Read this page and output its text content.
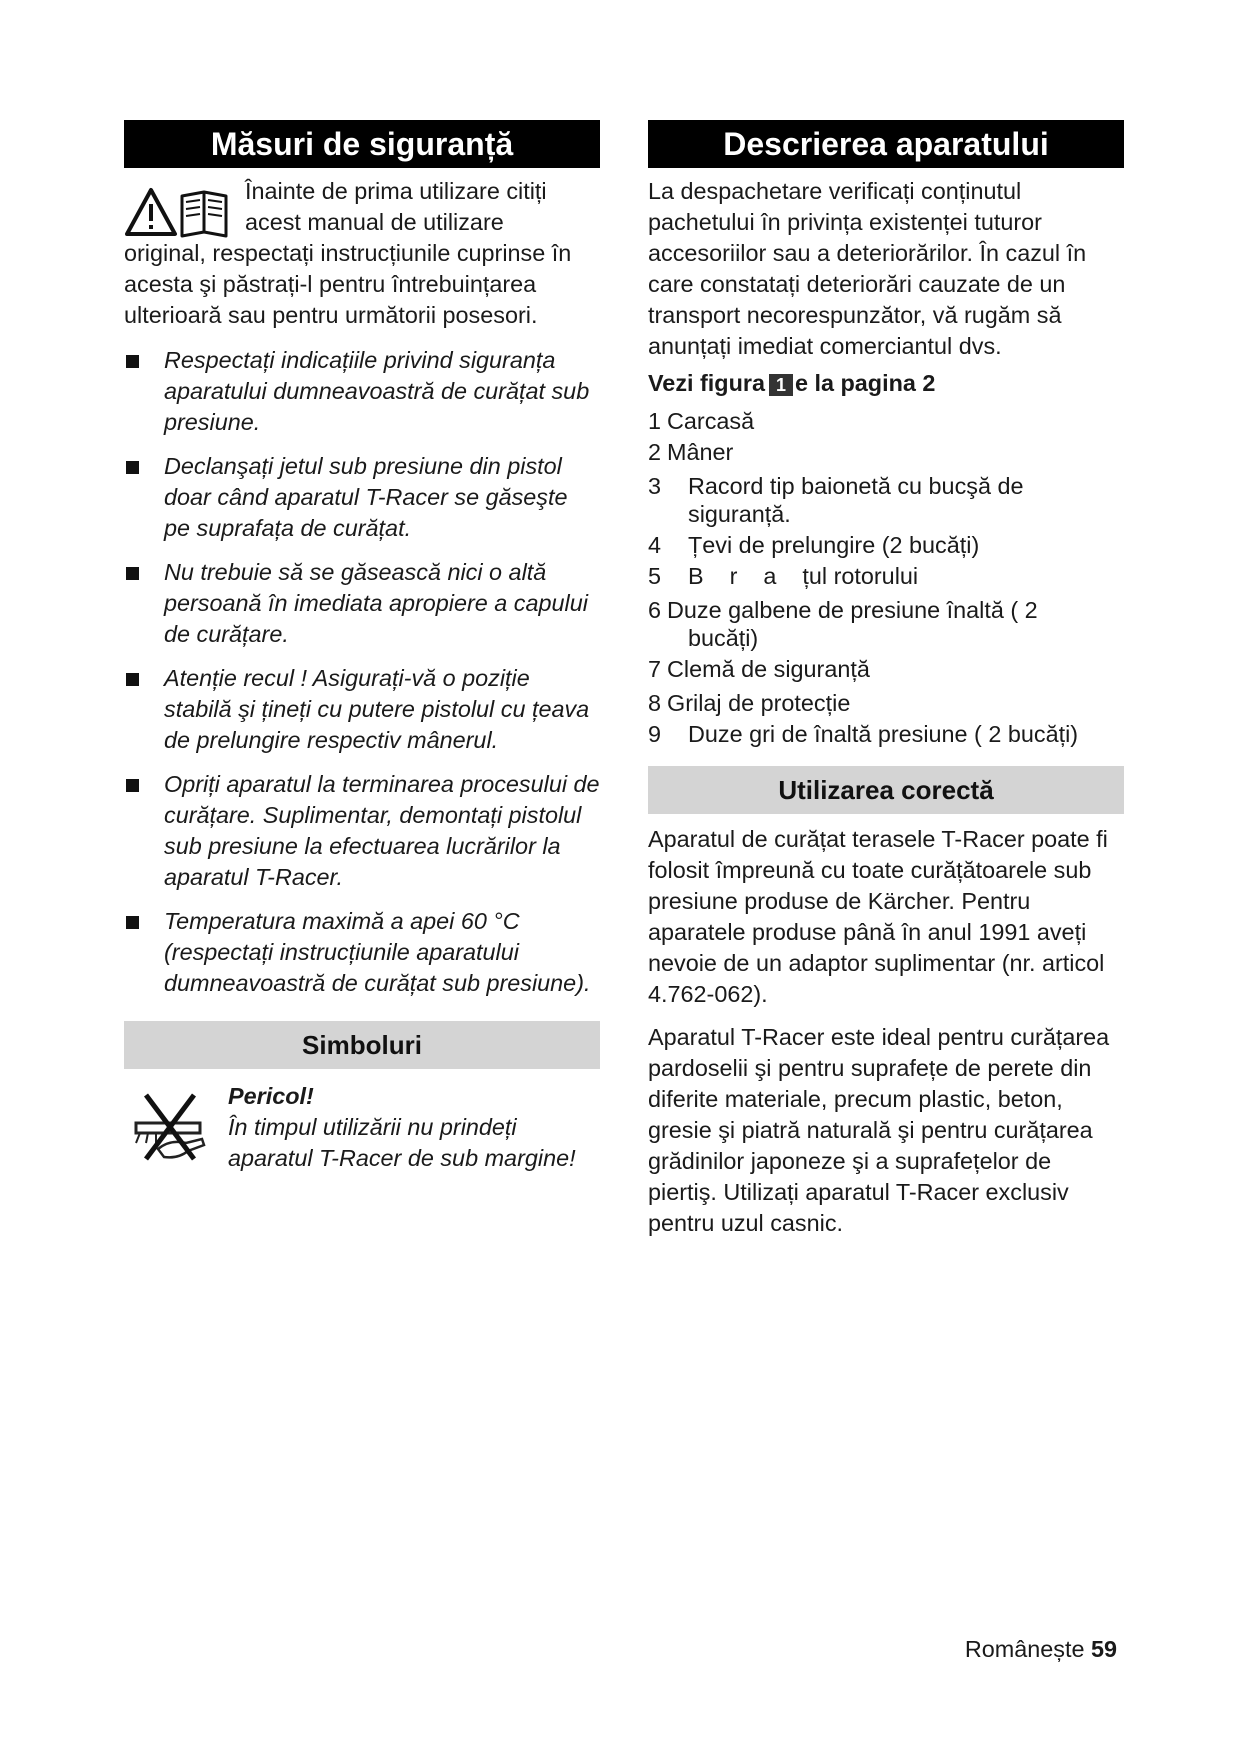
Măsuri de siguranță

Înainte de prima utilizare citiți acest manual de utilizare

original, respectați instrucțiunile cuprinse în acesta şi păstrați-l pentru întrebuințarea ulterioară sau pentru următorii posesori.

Respectați indicațiile privind siguranța aparatului dumneavoastră de curățat sub presiune.
Declanşați jetul sub presiune din pistol doar când aparatul T-Racer se găseşte pe suprafața de curățat.
Nu trebuie să se găsească nici o altă persoană în imediata apropiere a capului de curățare.
Atenție recul ! Asigurați-vă o poziție stabilă şi țineți cu putere pistolul cu țeava de prelungire respectiv mânerul.
Opriți aparatul la terminarea procesului de curățare. Suplimentar, demontați pistolul sub presiune la efectuarea lucrărilor la aparatul T-Racer.
Temperatura maximă a apei 60 °C (respectați instrucțiunile aparatului dumneavoastră de curățat sub presiune).
Simboluri
Pericol!
În timpul utilizării nu prindeți aparatul T-Racer de sub margine!
Descrierea aparatului

La despachetare verificați conținutul pachetului în privința existenței tuturor accesoriilor sau a deteriorărilor. În cazul în care constatați deteriorări cauzate de un transport necorespunzător, vă rugăm să anunțați imediat comerciantul dvs.

Vezi figura 1 e la pagina 2
1 Carcasă
2 Mâner
3 Racord tip baionetă cu bucşă de siguranță.
4 Țevi de prelungire (2 bucăți)
5 B    r    a    țul rotorului
6 Duze galbene de presiune înaltă ( 2
bucăți)
7 Clemă de siguranță
8 Grilaj de protecție
9 Duze gri de înaltă presiune ( 2 bucăți)
Utilizarea corectă

Aparatul de curățat terasele T-Racer poate fi folosit împreună cu toate curățătoarele sub presiune produse de Kärcher. Pentru aparatele produse până în anul 1991 aveți nevoie de un adaptor suplimentar (nr. articol 4.762-062).

Aparatul T-Racer este ideal pentru curățarea pardoselii şi pentru suprafețe de perete din diferite materiale, precum plastic, beton, gresie şi piatră naturală şi pentru curățarea grădinilor japoneze şi a suprafețelor de piertiş. Utilizați aparatul T-Racer exclusiv pentru uzul casnic.

Românește 59
